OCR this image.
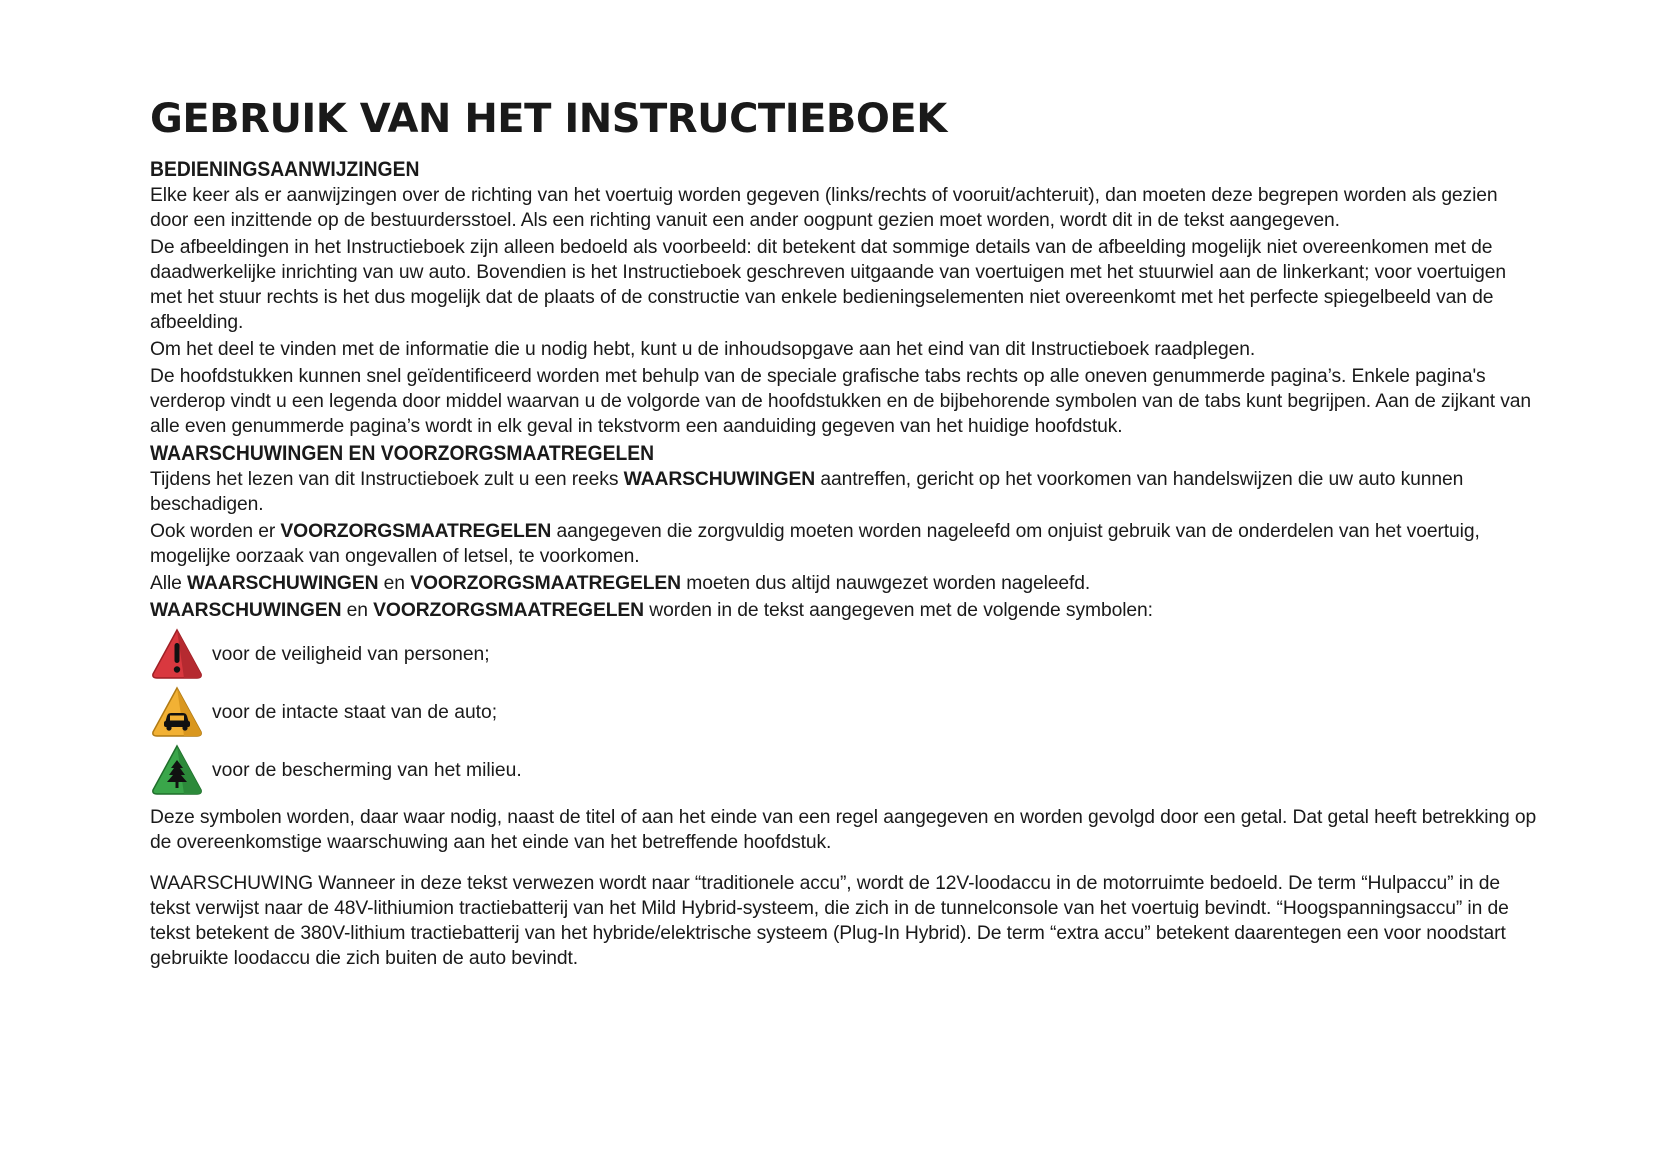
GEBRUIK VAN HET INSTRUCTIEBOEK
BEDIENINGSAANWIJZINGEN

Elke keer als er aanwijzingen over de richting van het voertuig worden gegeven (links/rechts of vooruit/achteruit), dan moeten deze begrepen worden als gezien door een inzittende op de bestuurdersstoel. Als een richting vanuit een ander oogpunt gezien moet worden, wordt dit in de tekst aangegeven.

De afbeeldingen in het Instructieboek zijn alleen bedoeld als voorbeeld: dit betekent dat sommige details van de afbeelding mogelijk niet overeenkomen met de daadwerkelijke inrichting van uw auto. Bovendien is het Instructieboek geschreven uitgaande van voertuigen met het stuurwiel aan de linkerkant; voor voertuigen met het stuur rechts is het dus mogelijk dat de plaats of de constructie van enkele bedieningselementen niet overeenkomt met het perfecte spiegelbeeld van de afbeelding.

Om het deel te vinden met de informatie die u nodig hebt, kunt u de inhoudsopgave aan het eind van dit Instructieboek raadplegen.

De hoofdstukken kunnen snel geïdentificeerd worden met behulp van de speciale grafische tabs rechts op alle oneven genummerde pagina’s. Enkele pagina's verderop vindt u een legenda door middel waarvan u de volgorde van de hoofdstukken en de bijbehorende symbolen van de tabs kunt begrijpen. Aan de zijkant van alle even genummerde pagina’s wordt in elk geval in tekstvorm een aanduiding gegeven van het huidige hoofdstuk.

WAARSCHUWINGEN EN VOORZORGSMAATREGELEN

Tijdens het lezen van dit Instructieboek zult u een reeks WAARSCHUWINGEN aantreffen, gericht op het voorkomen van handelswijzen die uw auto kunnen beschadigen.

Ook worden er VOORZORGSMAATREGELEN aangegeven die zorgvuldig moeten worden nageleefd om onjuist gebruik van de onderdelen van het voertuig, mogelijke oorzaak van ongevallen of letsel, te voorkomen.

Alle WAARSCHUWINGEN en VOORZORGSMAATREGELEN moeten dus altijd nauwgezet worden nageleefd.

WAARSCHUWINGEN en VOORZORGSMAATREGELEN worden in de tekst aangegeven met de volgende symbolen:

voor de veiligheid van personen;
voor de intacte staat van de auto;
voor de bescherming van het milieu.

Deze symbolen worden, daar waar nodig, naast de titel of aan het einde van een regel aangegeven en worden gevolgd door een getal. Dat getal heeft betrekking op de overeenkomstige waarschuwing aan het einde van het betreffende hoofdstuk.

WAARSCHUWING Wanneer in deze tekst verwezen wordt naar “traditionele accu”, wordt de 12V-loodaccu in de motorruimte bedoeld. De term “Hulpaccu” in de tekst verwijst naar de 48V-lithiumion tractiebatterij van het Mild Hybrid-systeem, die zich in de tunnelconsole van het voertuig bevindt. “Hoogspanningsaccu” in de tekst betekent de 380V-lithium tractiebatterij van het hybride/elektrische systeem (Plug-In Hybrid). De term “extra accu” betekent daarentegen een voor noodstart gebruikte loodaccu die zich buiten de auto bevindt.
